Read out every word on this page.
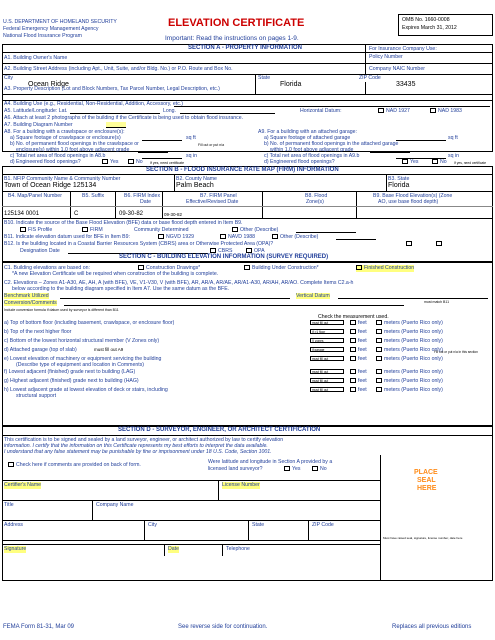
U.S. DEPARTMENT OF HOMELAND SECURITY
Federal Emergency Management Agency
National Flood Insurance Program
ELEVATION CERTIFICATE
Important: Read the instructions on pages 1-9.
OMB No. 1660-0008
Expires March 31, 2012
SECTION A - PROPERTY INFORMATION	For Insurance Company Use:
Policy Number
A1. Building Owner's Name
A2. Building Street Address (including Apt., Unit, Suite, and/or Bldg. No.) or P.O. Route and Box No.	Company NAIC Number
City
Ocean Ridge
State
Florida
ZIP Code
33435
A3. Property Description (Lot and Block Numbers, Tax Parcel Number, Legal Description, etc.)
A4. Building Use (e.g., Residential, Non-Residential, Addition, Accessory, etc.)
A5. Latitude/Longitude: Lat.	Long.	Horizontal Datum:	NAD 1927	NAD 1983
A6. Attach at least 2 photographs of the building if the Certificate is being used to obtain flood insurance.
A7. Building Diagram Number
A8. For a building with a crawlspace or enclosure(s):
a) Square footage of crawlspace or enclosure(s)	sq ft
b) No. of permanent flood openings in the crawlspace or
enclosure(s) within 1.0 foot above adjacent grade
Fill out or put n/a
c) Total net area of flood openings in A8.b	sq in
d) Engineered flood openings?	Yes	No If yes, need certificate
A9. For a building with an attached garage:
a) Square footage of attached garage	sq ft
b) No. of permanent flood openings in the attached garage
within 1.0 foot above adjacent grade
c) Total net area of flood openings in A9.b	sq in
d) Engineered flood openings?	Yes	No If yes, need certificate
SECTION B - FLOOD INSURANCE RATE MAP (FIRM) INFORMATION
B1. NFIP Community Name & Community Number
Town of Ocean Ridge 125134
B2. County Name
Palm Beach
B3. State
Florida
B4. Map/Panel Number
125134 0001
B5. Suffix
C
B6. FIRM Index
Date
09-30-82
B7. FIRM Panel
Effective/Revised Date
09-30-82
B8. Flood
Zone(s)
B9. Base Flood Elevation(s) (Zone
AO, use base flood depth)
B10. Indicate the source of the Base Flood Elevation (BFE) data or base flood depth entered in Item B9.
FIS Profile	FIRM	Community Determined	Other (Describe)
B11. Indicate elevation datum used for BFE in Item B9:	NGVD 1929	NAVD 1988	Other (Describe)
B12. Is the building located in a Coastal Barrier Resources System (CBRS) area or Otherwise Protected Area (OPA)?
Designation Date	CBRS	OPA
SECTION C - BUILDING ELEVATION INFORMATION (SURVEY REQUIRED)
C1. Building elevations are based on:	Construction Drawings*	Building Under Construction*	Finished Construction
*A new Elevation Certificate will be required when construction of the building is complete.
C2. Elevations – Zones A1-A30, AE, AH, A (with BFE), VE, V1-V30, V (with BFE), AR, AR/A, AR/AE, AR/A1-A30, AR/AH, AR/AO. Complete Items C2.a-h
below according to the building diagram specified in Item A7. Use the same datum as the BFE.
Benchmark Utilized	Vertical Datum
must match B11
Conversion/Comments
Include conversion formula if datum used by surveyor is different than B11
Check the measurement used.
a) Top of bottom floor (including basement, crawlspace, or enclosure floor)	must fill out	feet	meters (Puerto Rico only)
b) Top of the next higher floor	if >1 floor	feet	meters (Puerto Rico only)
c) Bottom of the lowest horizontal structural member (V Zones only)	V zones	feet	meters (Puerto Rico only)
d) Attached garage (top of slab)	must fill out A9	if garage	feet	meters (Puerto Rico only)
e) Lowest elevation of machinery or equipment servicing the building
(Describe type of equipment and location in Comments)
must fill out	feet	meters (Puerto Rico only)
f) Lowest adjacent (finished) grade next to building (LAG)	must fill out	feet	meters (Puerto Rico only)
g) Highest adjacent (finished) grade next to building (HAG)	must fill out	feet	meters (Puerto Rico only)
h) Lowest adjacent grade at lowest elevation of deck or stairs, including
structural support
must fill out	feet	meters (Puerto Rico only)
Fill out or put n/a in this section
SECTION D - SURVEYOR, ENGINEER, OR ARCHITECT CERTIFICATION
This certification is to be signed and sealed by a land surveyor, engineer, or architect authorized by law to certify elevation
information. I certify that the information on this Certificate represents my best efforts to interpret the data available.
I understand that any false statement may be punishable by fine or imprisonment under 18 U.S. Code, Section 1001.
Check here if comments are provided on back of form.	Were latitude and longitude in Section A provided by a
licensed land surveyor?	Yes	No	PLACE
SEAL
HERE
Must have raised seal, signature, license number, date here
Certifier's Name	License Number
Title	Company Name
Address	City	State	ZIP Code
Signature	Date	Telephone
FEMA Form 81-31, Mar 09	See reverse side for continuation.	Replaces all previous editions
